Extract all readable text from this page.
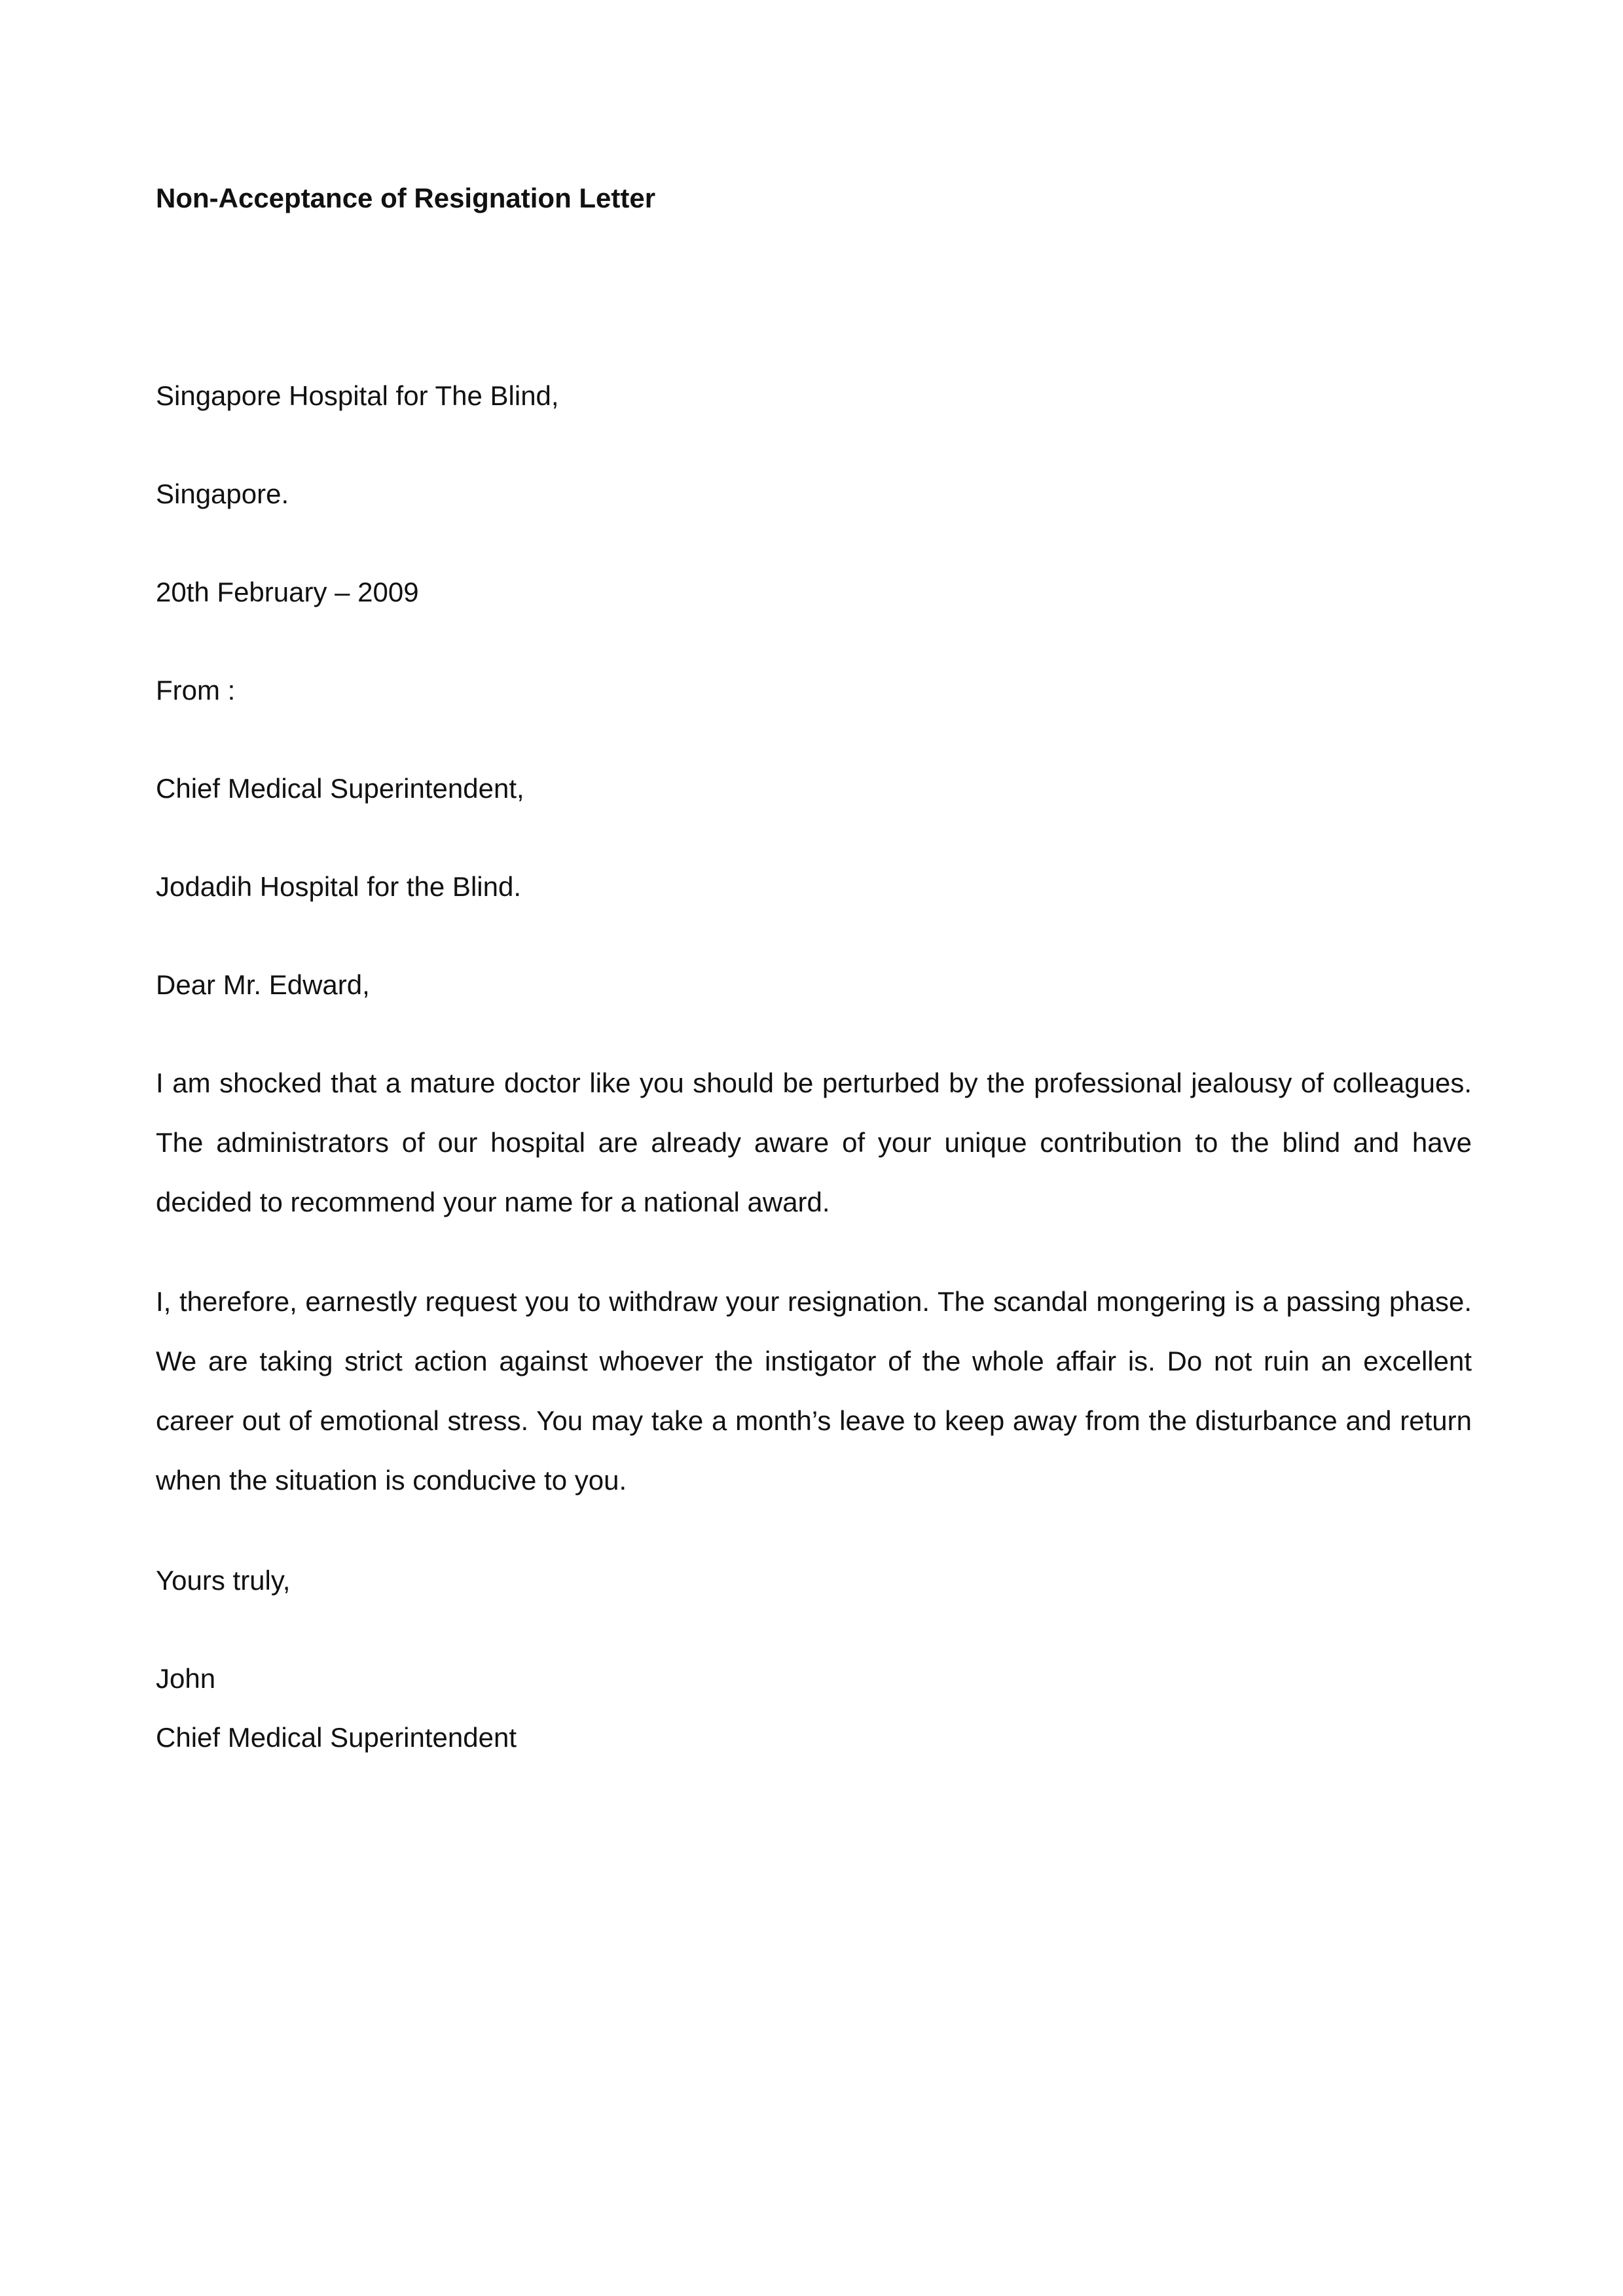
Non-Acceptance of Resignation Letter
Singapore Hospital for The Blind,
Singapore.
20th February – 2009
From :
Chief Medical Superintendent,
Jodadih Hospital for the Blind.
Dear Mr. Edward,
I am shocked that a mature doctor like you should be perturbed by the professional jealousy of colleagues. The administrators of our hospital are already aware of your unique contribution to the blind and have decided to recommend your name for a national award.
I, therefore, earnestly request you to withdraw your resignation. The scandal mongering is a passing phase. We are taking strict action against whoever the instigator of the whole affair is. Do not ruin an excellent career out of emotional stress. You may take a month’s leave to keep away from the disturbance and return when the situation is conducive to you.
Yours truly,
John
Chief Medical Superintendent
